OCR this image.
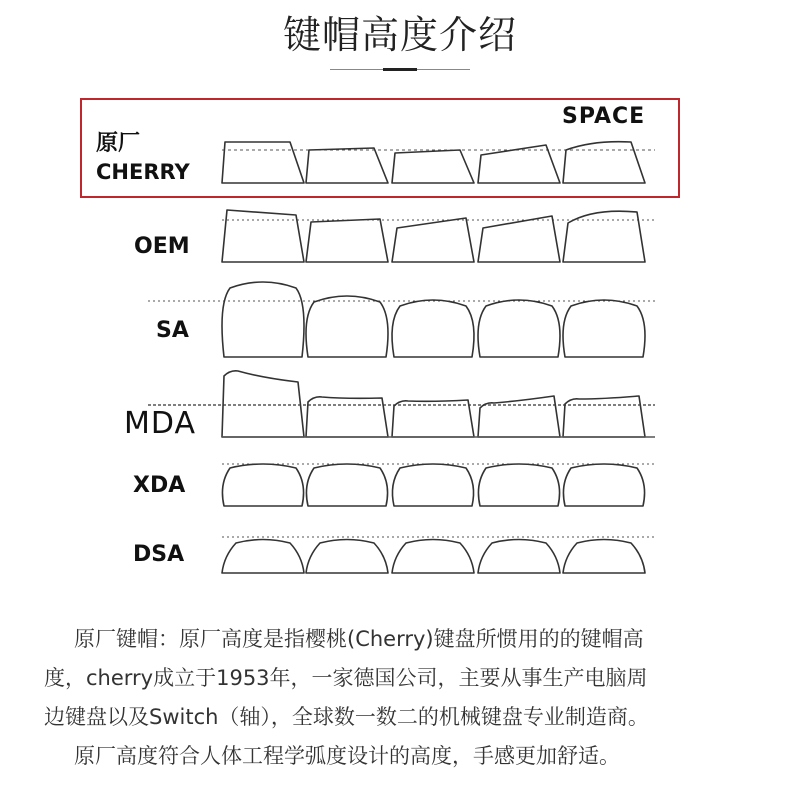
键帽高度介绍
SPACE
原厂
CHERRY
OEM
SA
MDA
XDA
DSA
原厂键帽：原厂高度是指樱桃(Cherry)键盘所惯用的的键帽高
度，cherry成立于1953年，一家德国公司，主要从事生产电脑周
边键盘以及Switch（轴），全球数一数二的机械键盘专业制造商。
原厂高度符合人体工程学弧度设计的高度，手感更加舒适。
